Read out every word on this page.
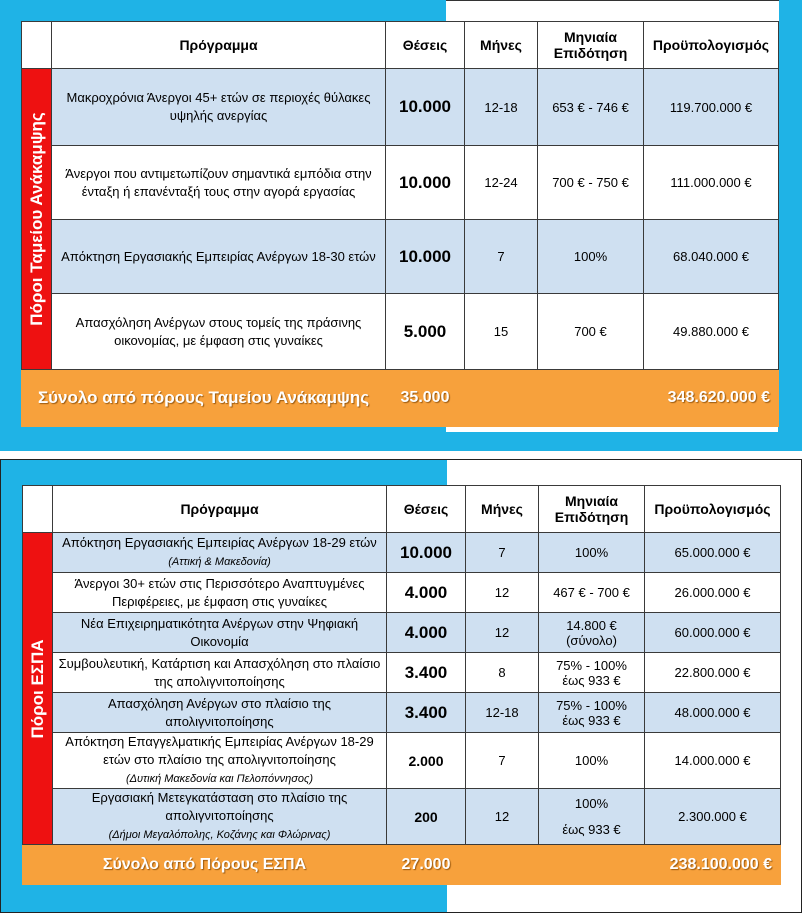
	Πρόγραμμα	Θέσεις	Μήνες	Μηνιαία
Επιδότηση	Προϋπολογισμός

Πόροι Ταμείου Ανάκαμψης	Μακροχρόνια Άνεργοι 45+ ετών σε περιοχές θύλακες υψηλής ανεργίας	10.000	12-18	653 € - 746 €	119.700.000 €
	Άνεργοι που αντιμετωπίζουν σημαντικά εμπόδια στην ένταξη ή επανένταξή τους στην αγορά εργασίας	10.000	12-24	700 € - 750 €	111.000.000 €
	Απόκτηση Εργασιακής Εμπειρίας Ανέργων 18-30 ετών	10.000	7	100%	68.040.000 €
	Απασχόληση Ανέργων στους τομείς της πράσινης οικονομίας, με έμφαση στις γυναίκες	5.000	15	700 €	49.880.000 €
Σύνολο από πόρους Ταμείου Ανάκαμψης		35.000	348.620.000 €		
	Πρόγραμμα	Θέσεις	Μήνες	Μηνιαία
Επιδότηση	Προϋπολογισμός

Πόροι ΕΣΠΑ	Απόκτηση Εργασιακής Εμπειρίας Ανέργων 18-29 ετών (Αττική & Μακεδονία)	10.000	7	100%	65.000.000 €
	Άνεργοι 30+ ετών στις Περισσότερο Αναπτυγμένες Περιφέρειες, με έμφαση στις γυναίκες	4.000	12	467 € - 700 €	26.000.000 €
	Νέα Επιχειρηματικότητα Ανέργων στην Ψηφιακή Οικονομία	4.000	12	14.800 €
(σύνολο)	60.000.000 €
	Συμβουλευτική, Κατάρτιση και Απασχόληση στο πλαίσιο της απολιγνιτοποίησης	3.400	8	75% - 100%
έως 933 €	22.800.000 €
	Απασχόληση Ανέργων στο πλαίσιο της απολιγνιτοποίησης	3.400	12-18	75% - 100%
έως 933 €	48.000.000 €
	Απόκτηση Επαγγελματικής Εμπειρίας Ανέργων 18-29 ετών στο πλαίσιο της απολιγνιτοποίησης
(Δυτική Μακεδονία και Πελοπόννησος)	2.000	7	100%	14.000.000 €
	Εργασιακή Μετεγκατάσταση στο πλαίσιο της απολιγνιτοποίησης
(Δήμοι Μεγαλόπολης, Κοζάνης και Φλώρινας)	200	12	100%
έως 933 €	2.300.000 €
Σύνολο από Πόρους ΕΣΠΑ		27.000	238.100.000 €		
